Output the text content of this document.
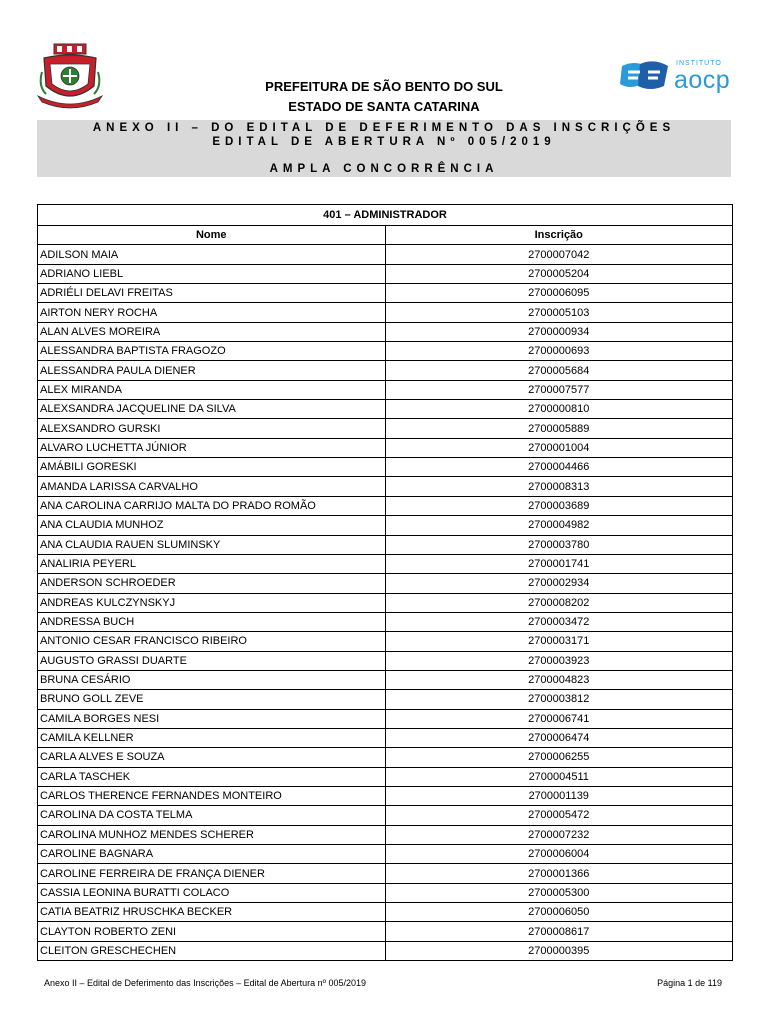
INSTITUTO
aocp
PREFEITURA DE SÃO BENTO DO SUL
ESTADO DE SANTA CATARINA
ANEXO II – DO EDITAL DE DEFERIMENTO DAS INSCRIÇÕES
EDITAL DE ABERTURA Nº 005/2019
AMPLA CONCORRÊNCIA
401 – ADMINISTRADOR	
Nome	Inscrição
ADILSON MAIA	2700007042
ADRIANO LIEBL	2700005204
ADRIÉLI DELAVI FREITAS	2700006095
AIRTON NERY ROCHA	2700005103
ALAN ALVES MOREIRA	2700000934
ALESSANDRA BAPTISTA FRAGOZO	2700000693
ALESSANDRA PAULA DIENER	2700005684
ALEX MIRANDA	2700007577
ALEXSANDRA JACQUELINE DA SILVA	2700000810
ALEXSANDRO GURSKI	2700005889
ALVARO LUCHETTA JÚNIOR	2700001004
AMÁBILI GORESKI	2700004466
AMANDA LARISSA CARVALHO	2700008313
ANA CAROLINA CARRIJO MALTA DO PRADO ROMÃO	2700003689
ANA CLAUDIA MUNHOZ	2700004982
ANA CLAUDIA RAUEN SLUMINSKY	2700003780
ANALIRIA PEYERL	2700001741
ANDERSON SCHROEDER	2700002934
ANDREAS KULCZYNSKYJ	2700008202
ANDRESSA BUCH	2700003472
ANTONIO CESAR FRANCISCO RIBEIRO	2700003171
AUGUSTO GRASSI DUARTE	2700003923
BRUNA CESÁRIO	2700004823
BRUNO GOLL ZEVE	2700003812
CAMILA BORGES NESI	2700006741
CAMILA KELLNER	2700006474
CARLA ALVES E SOUZA	2700006255
CARLA TASCHEK	2700004511
CARLOS THERENCE FERNANDES MONTEIRO	2700001139
CAROLINA DA COSTA TELMA	2700005472
CAROLINA MUNHOZ MENDES SCHERER	2700007232
CAROLINE BAGNARA	2700006004
CAROLINE FERREIRA DE FRANÇA DIENER	2700001366
CASSIA LEONINA BURATTI COLACO	2700005300
CATIA BEATRIZ HRUSCHKA BECKER	2700006050
CLAYTON ROBERTO ZENI	2700008617
CLEITON GRESCHECHEN	2700000395
Anexo II – Edital de Deferimento das Inscrições – Edital de Abertura nº 005/2019	Página 1 de 119
